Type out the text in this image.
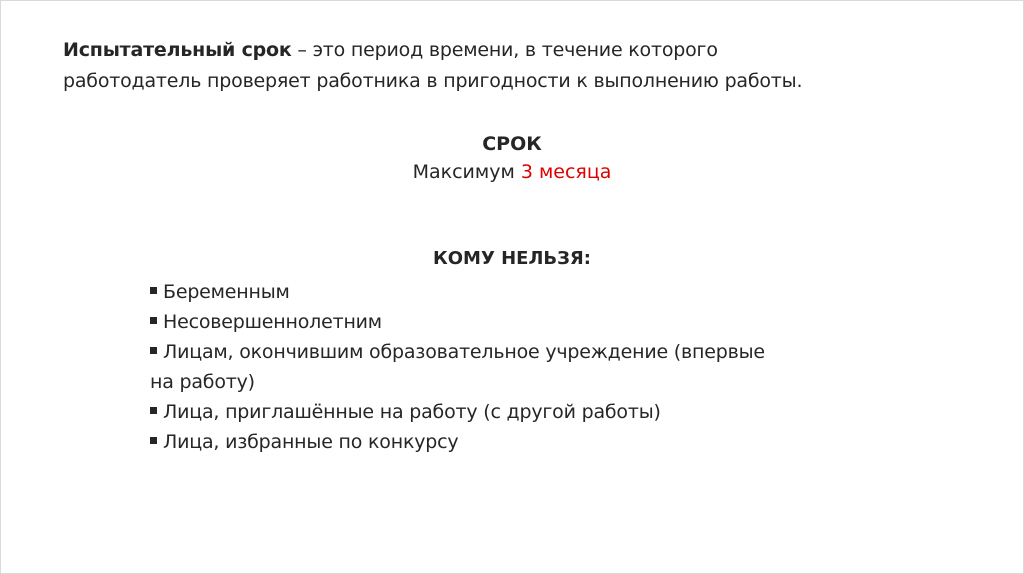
Испытательный срок – это период времени, в течение которого
работодатель проверяет работника в пригодности к выполнению работы.
СРОК
Максимум 3 месяца
КОМУ НЕЛЬЗЯ:
Беременным
Несовершеннолетним
Лицам, окончившим образовательное учреждение (впервые
на работу)
Лица, приглашённые на работу (с другой работы)
Лица, избранные по конкурсу
